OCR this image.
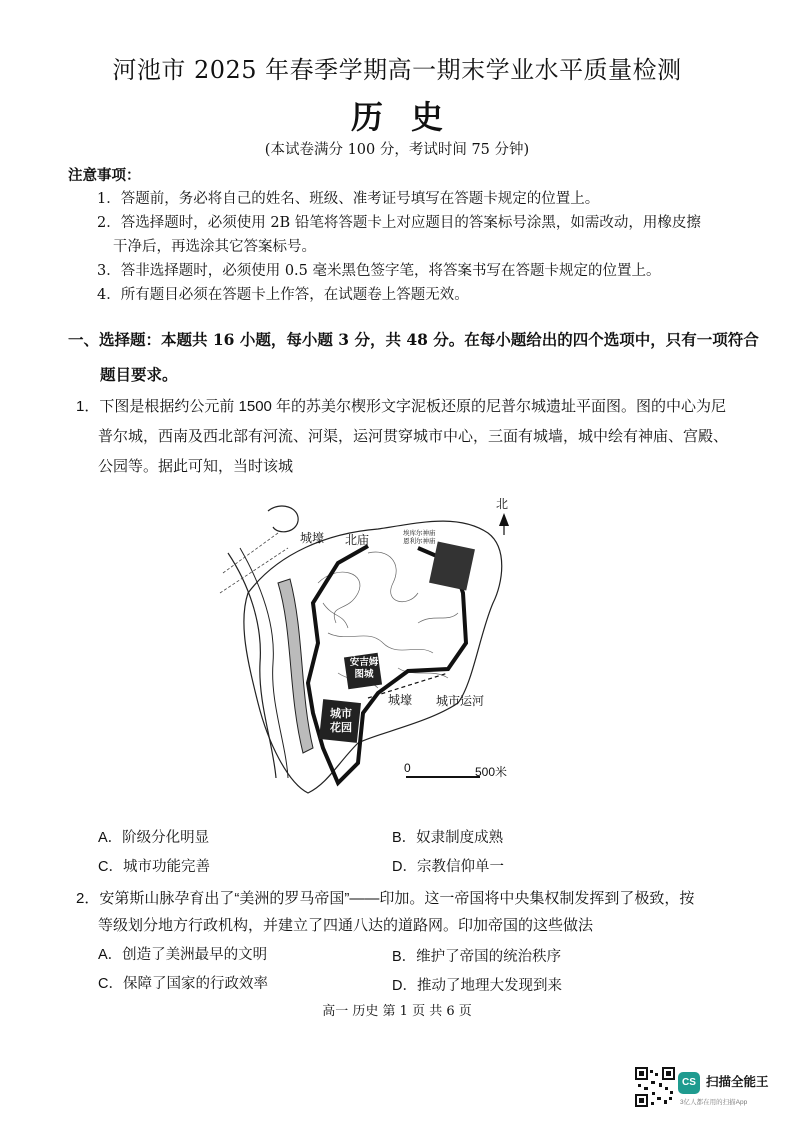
河池市 2025 年春季学期高一期末学业水平质量检测
历史
(本试卷满分 100 分，考试时间 75 分钟)
注意事项：
1．答题前，务必将自己的姓名、班级、准考证号填写在答题卡规定的位置上。
2．答选择题时，必须使用 2B 铅笔将答题卡上对应题目的答案标号涂黑，如需改动，用橡皮擦
干净后，再选涂其它答案标号。
3．答非选择题时，必须使用 0.5 毫米黑色签字笔，将答案书写在答题卡规定的位置上。
4．所有题目必须在答题卡上作答，在试题卷上答题无效。
一、选择题：本题共 16 小题，每小题 3 分，共 48 分。在每小题给出的四个选项中，只有一项符合
题目要求。
1．下图是根据约公元前 1500 年的苏美尔楔形文字泥板还原的尼普尔城遗址平面图。图的中心为尼
普尔城，西南及西北部有河流、河渠，运河贯穿城市中心，三面有城墙，城中绘有神庙、宫殿、
公园等。据此可知，当时该城
北
城壕 北庙	埃库尔神庙
恩利尔神庙
安吉姆
图城
城壕 城市运河
城市
花园
0	500米
A．阶级分化明显	B．奴隶制度成熟
C．城市功能完善	D．宗教信仰单一
2．安第斯山脉孕育出了“美洲的罗马帝国”——印加。这一帝国将中央集权制发挥到了极致，按
等级划分地方行政机构，并建立了四通八达的道路网。印加帝国的这些做法
A．创造了美洲最早的文明	B．维护了帝国的统治秩序
C．保障了国家的行政效率	D．推动了地理大发现到来
高一 历史 第 1 页 共 6 页
CS 扫描全能王
3亿人都在用的扫描App
